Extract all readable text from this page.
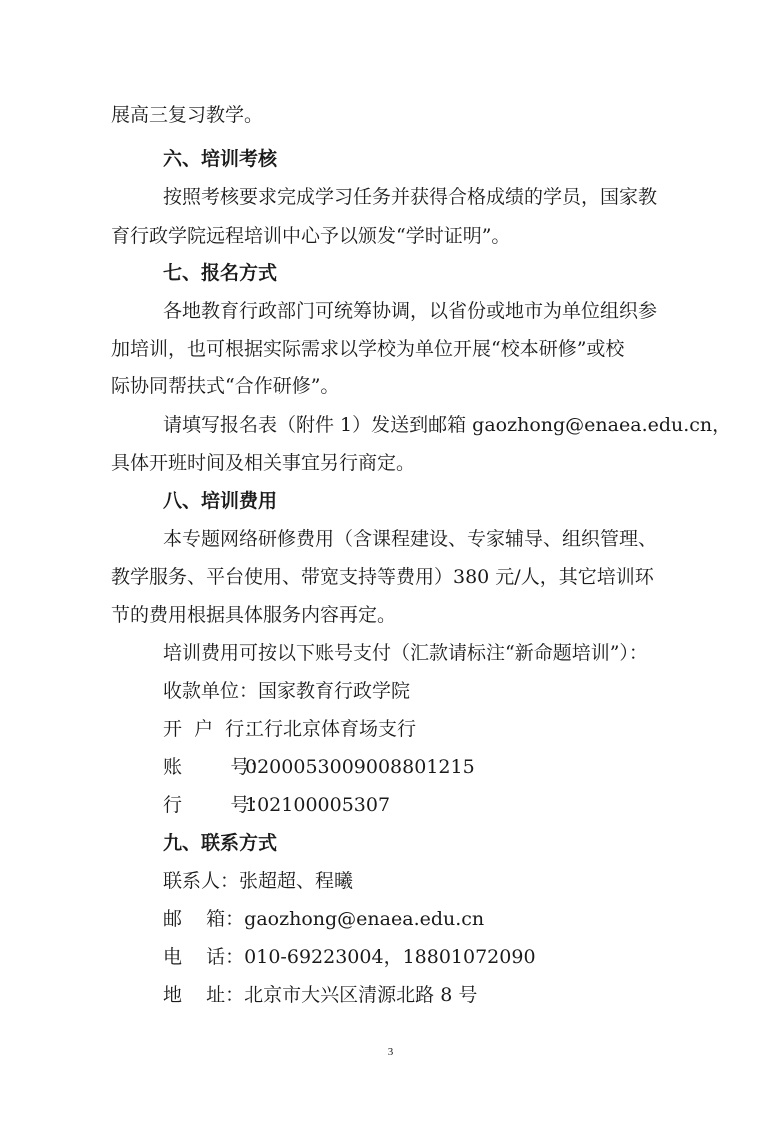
展高三复习教学。
六、培训考核
按照考核要求完成学习任务并获得合格成绩的学员，国家教
育行政学院远程培训中心予以颁发“学时证明”。
七、报名方式
各地教育行政部门可统筹协调，以省份或地市为单位组织参
加培训，也可根据实际需求以学校为单位开展“校本研修”或校
际协同帮扶式“合作研修”。
请填写报名表（附件 1）发送到邮箱 gaozhong@enaea.edu.cn，
具体开班时间及相关事宜另行商定。
八、培训费用
本专题网络研修费用（含课程建设、专家辅导、组织管理、
教学服务、平台使用、带宽支持等费用）380 元/人，其它培训环
节的费用根据具体服务内容再定。
培训费用可按以下账号支付（汇款请标注“新命题培训”）：
收款单位：国家教育行政学院
开  户  行：工行北京体育场支行
账        号：0200053009008801215
行        号：102100005307
九、联系方式
联系人：张超超、程曦
邮    箱：gaozhong@enaea.edu.cn
电    话：010-69223004，18801072090
地    址：北京市大兴区清源北路 8 号
3
